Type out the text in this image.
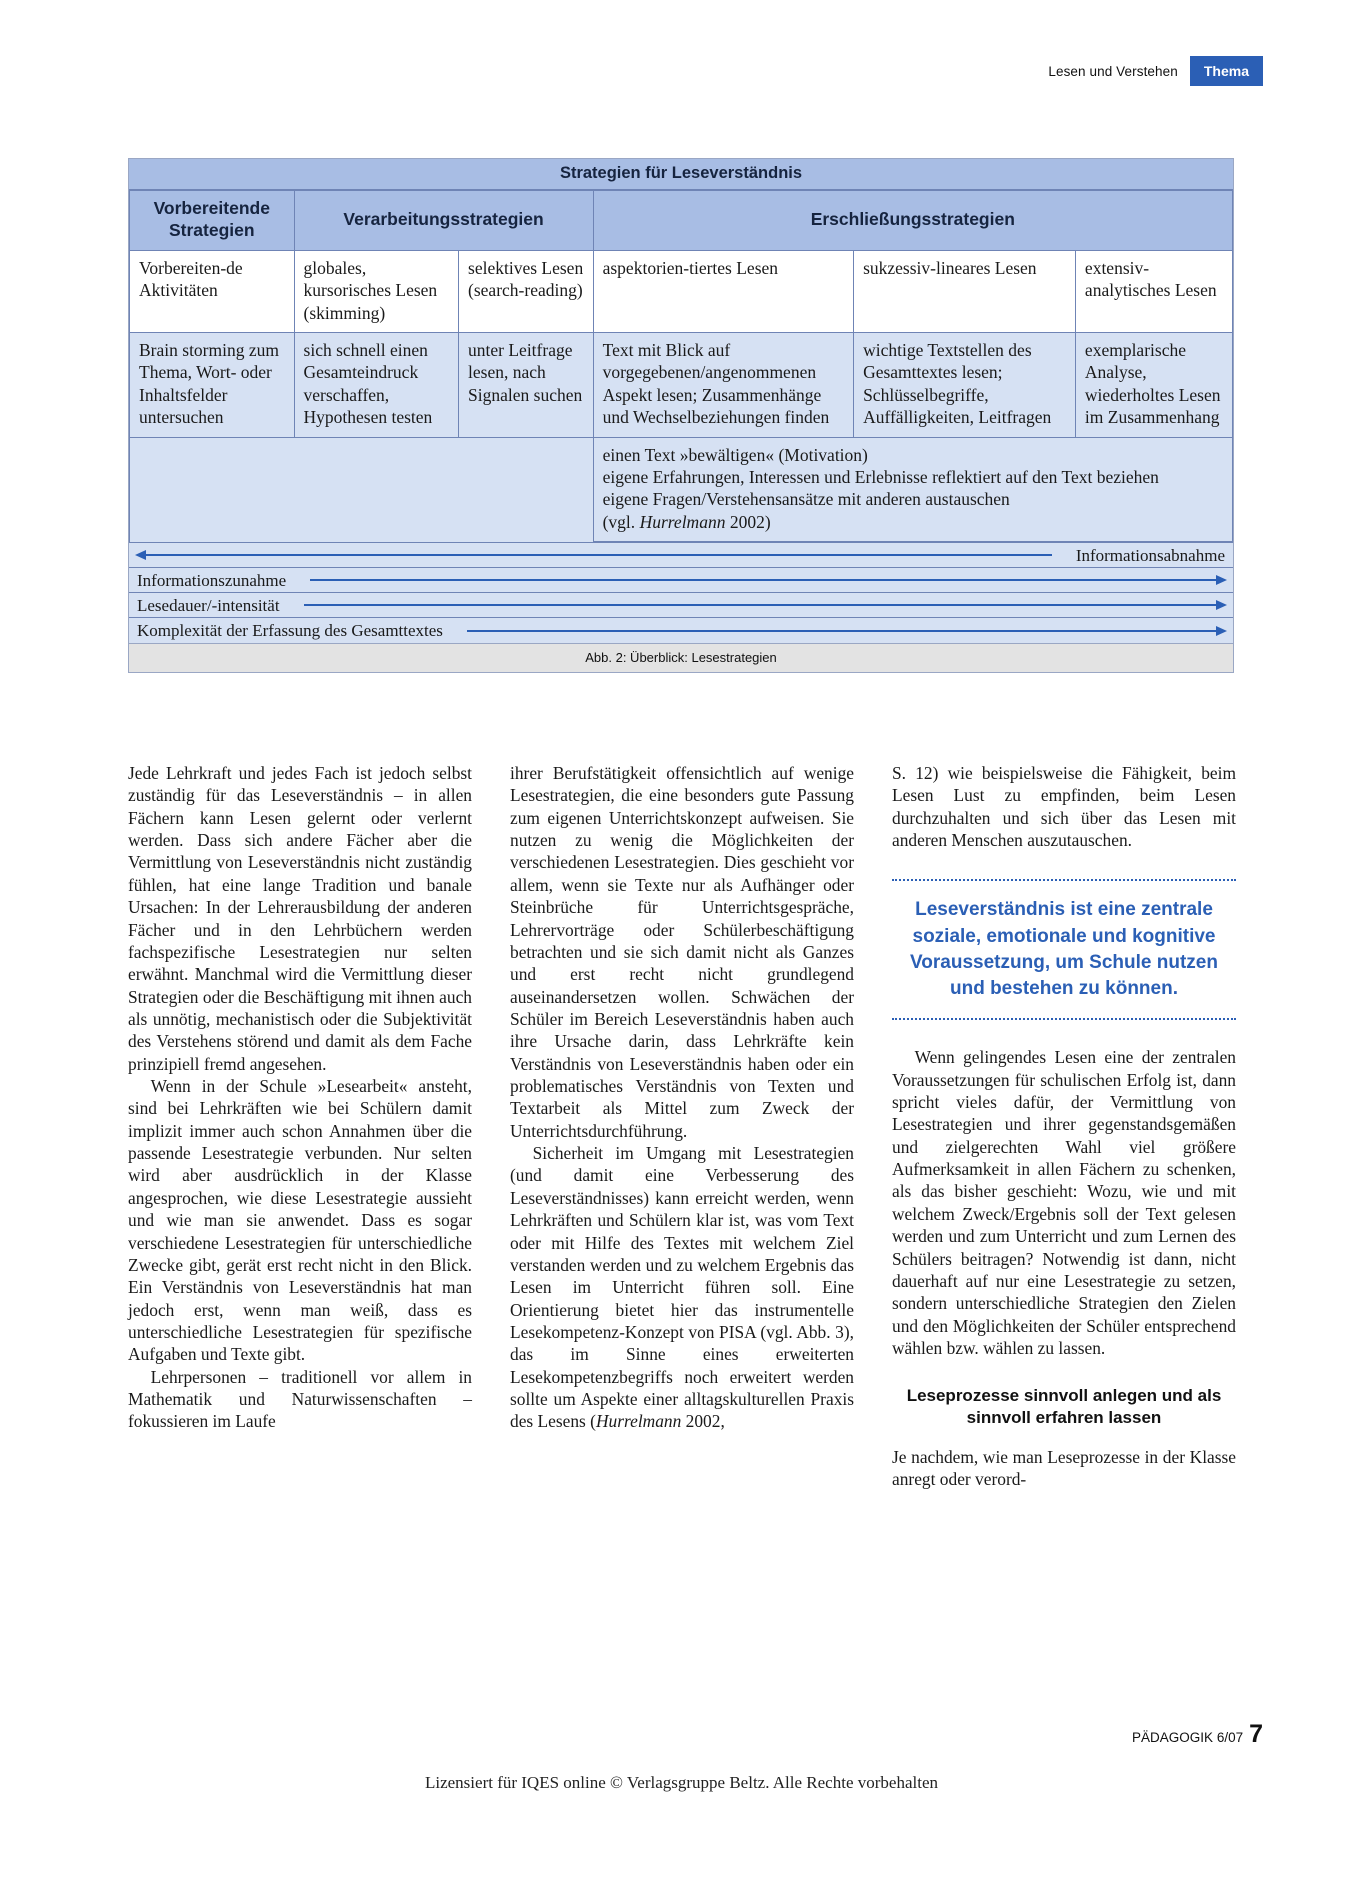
Lesen und Verstehen	Thema
Strategien für Leseverständnis
Vorbereitende Strategien	Verarbeitungsstrategien		Erschließungsstrategien		
Vorbereiten-de Aktivitäten	globales, kursorisches Lesen (skimming)	selektives Lesen (search-reading)	aspektorien-tiertes Lesen	sukzessiv-lineares Lesen	extensiv-analytisches Lesen
Brain storming zum Thema, Wort- oder Inhaltsfelder untersuchen	sich schnell einen Gesamteindruck verschaffen, Hypothesen testen	unter Leitfrage lesen, nach Signalen suchen	Text mit Blick auf vorgegebenen/angenommenen Aspekt lesen; Zusammenhänge und Wechselbeziehungen finden	wichtige Textstellen des Gesamttextes lesen; Schlüsselbegriffe, Auffälligkeiten, Leitfragen	exemplarische Analyse, wiederholtes Lesen im Zusammenhang

			einen Text »bewältigen« (Motivation)
eigene Erfahrungen, Interessen und Erlebnisse reflektiert auf den Text beziehen
eigene Fragen/Verstehensansätze mit anderen austauschen
(vgl. Hurrelmann 2002)		
Informationsabnahme
Informationszunahme
Lesedauer/-intensität
Komplexität der Erfassung des Gesamttextes
Abb. 2: Überblick: Lesestrategien

Jede Lehrkraft und jedes Fach ist jedoch selbst zuständig für das Leseverständnis – in allen Fächern kann Lesen gelernt oder verlernt werden. Dass sich andere Fächer aber die Vermittlung von Leseverständnis nicht zuständig fühlen, hat eine lange Tradition und banale Ursachen: In der Lehrerausbildung der anderen Fächer und in den Lehrbüchern werden fachspezifische Lesestrategien nur selten erwähnt. Manchmal wird die Vermittlung dieser Strategien oder die Beschäftigung mit ihnen auch als unnötig, mechanistisch oder die Subjektivität des Verstehens störend und damit als dem Fache prinzipiell fremd angesehen.

Wenn in der Schule »Lesearbeit« ansteht, sind bei Lehrkräften wie bei Schülern damit implizit immer auch schon Annahmen über die passende Lesestrategie verbunden. Nur selten wird aber ausdrücklich in der Klasse angesprochen, wie diese Lesestrategie aussieht und wie man sie anwendet. Dass es sogar verschiedene Lesestrategien für unterschiedliche Zwecke gibt, gerät erst recht nicht in den Blick. Ein Verständnis von Leseverständnis hat man jedoch erst, wenn man weiß, dass es unterschiedliche Lesestrategien für spezifische Aufgaben und Texte gibt.

Lehrpersonen – traditionell vor allem in Mathematik und Naturwissenschaften – fokussieren im Laufe

ihrer Berufstätigkeit offensichtlich auf wenige Lesestrategien, die eine besonders gute Passung zum eigenen Unterrichtskonzept aufweisen. Sie nutzen zu wenig die Möglichkeiten der verschiedenen Lesestrategien. Dies geschieht vor allem, wenn sie Texte nur als Aufhänger oder Steinbrüche für Unterrichtsgespräche, Lehrervorträge oder Schülerbeschäftigung betrachten und sie sich damit nicht als Ganzes und erst recht nicht grundlegend auseinandersetzen wollen. Schwächen der Schüler im Bereich Leseverständnis haben auch ihre Ursache darin, dass Lehrkräfte kein Verständnis von Leseverständnis haben oder ein problematisches Verständnis von Texten und Textarbeit als Mittel zum Zweck der Unterrichtsdurchführung.

Sicherheit im Umgang mit Lesestrategien (und damit eine Verbesserung des Leseverständnisses) kann erreicht werden, wenn Lehrkräften und Schülern klar ist, was vom Text oder mit Hilfe des Textes mit welchem Ziel verstanden werden und zu welchem Ergebnis das Lesen im Unterricht führen soll. Eine Orientierung bietet hier das instrumentelle Lesekompetenz-Konzept von PISA (vgl. Abb. 3), das im Sinne eines erweiterten Lesekompetenzbegriffs noch erweitert werden sollte um Aspekte einer alltagskulturellen Praxis des Lesens (Hurrelmann 2002,

S. 12) wie beispielsweise die Fähigkeit, beim Lesen Lust zu empfinden, beim Lesen durchzuhalten und sich über das Lesen mit anderen Menschen auszutauschen.

Leseverständnis ist eine zentrale soziale, emotionale und kognitive Voraussetzung, um Schule nutzen und bestehen zu können.

Wenn gelingendes Lesen eine der zentralen Voraussetzungen für schulischen Erfolg ist, dann spricht vieles dafür, der Vermittlung von Lesestrategien und ihrer gegenstandsgemäßen und zielgerechten Wahl viel größere Aufmerksamkeit in allen Fächern zu schenken, als das bisher geschieht: Wozu, wie und mit welchem Zweck/Ergebnis soll der Text gelesen werden und zum Unterricht und zum Lernen des Schülers beitragen? Notwendig ist dann, nicht dauerhaft auf nur eine Lesestrategie zu setzen, sondern unterschiedliche Strategien den Zielen und den Möglichkeiten der Schüler entsprechend wählen bzw. wählen zu lassen.

Leseprozesse sinnvoll anlegen und als sinnvoll erfahren lassen

Je nachdem, wie man Leseprozesse in der Klasse anregt oder verord-

Lizensiert für IQES online © Verlagsgruppe Beltz. Alle Rechte vorbehalten
PÄDAGOGIK 6/07 7
